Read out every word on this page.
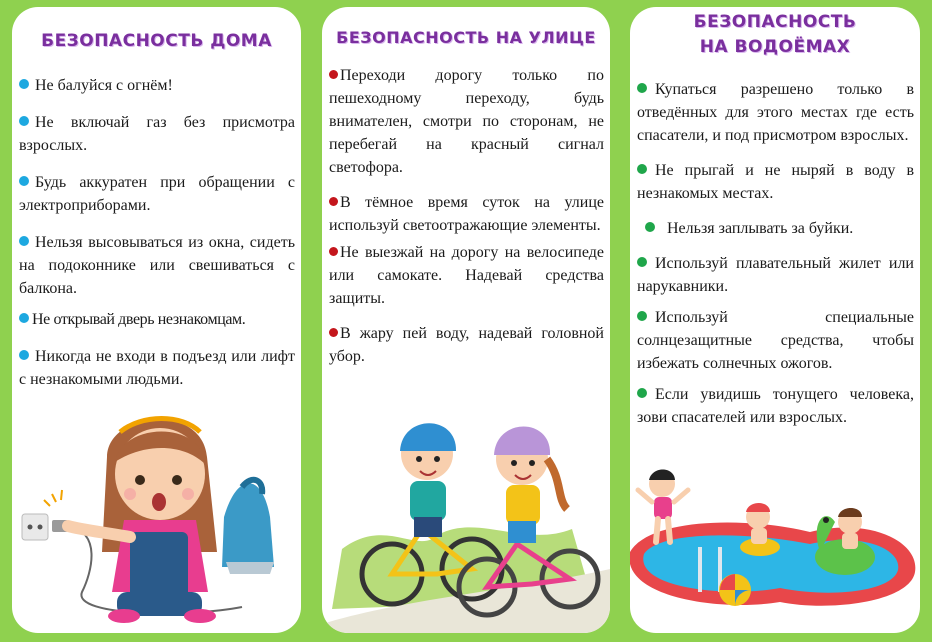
БЕЗОПАСНОСТЬ ДОМА
Не балуйся с огнём!
Не включай газ без присмотра взрослых.
Будь аккуратен при обращении с электроприборами.
Нельзя высовываться из окна, сидеть на подоконнике или свешиваться с балкона.
Не открывай дверь незнакомцам.
Никогда не входи в подъезд или лифт с незнакомыми людьми.
БЕЗОПАСНОСТЬ НА УЛИЦЕ
Переходи дорогу только по пешеходному переходу, будь внимателен, смотри по сторонам, не перебегай на красный сигнал светофора.
В тёмное время суток на улице используй светоотражающие элементы.
Не выезжай на дорогу на велосипеде или самокате. Надевай средства защиты.
В жару пей воду, надевай головной убор.
БЕЗОПАСНОСТЬ
НА ВОДОЁМАХ
Купаться разрешено только в отведённых для этого местах где есть спасатели, и под присмотром взрослых.
Не прыгай и не ныряй в воду в незнакомых местах.
Нельзя заплывать за буйки.
Используй плавательный жилет или нарукавники.
Используй специальные солнцезащитные средства, чтобы избежать солнечных ожогов.
Если увидишь тонущего человека, зови спасателей или взрослых.
